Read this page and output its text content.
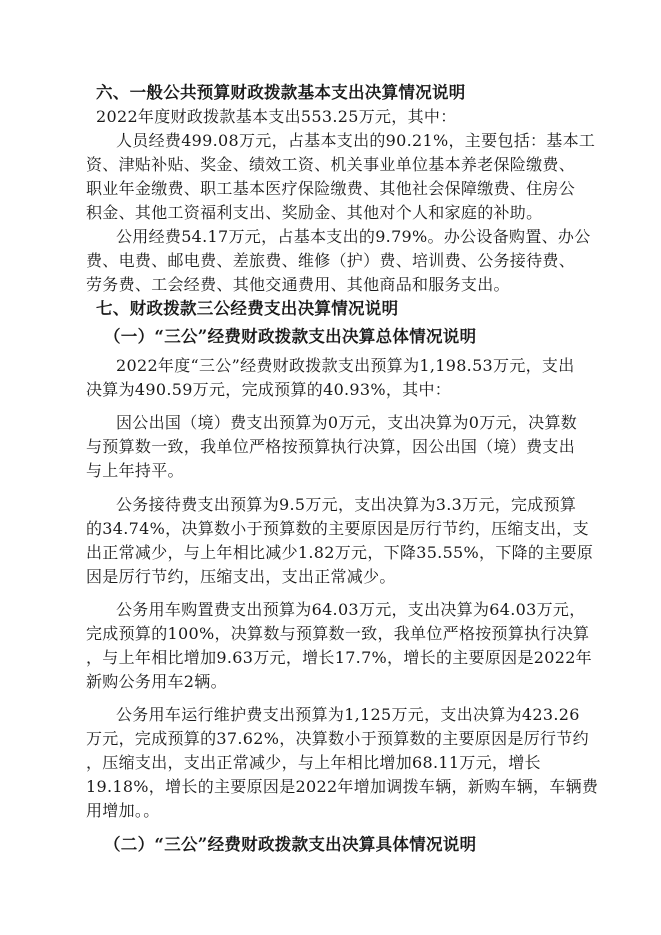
六、一般公共预算财政拨款基本支出决算情况说明
2022年度财政拨款基本支出553.25万元，其中：
人员经费499.08万元，占基本支出的90.21%，主要包括：基本工
资、津贴补贴、奖金、绩效工资、机关事业单位基本养老保险缴费、
职业年金缴费、职工基本医疗保险缴费、其他社会保障缴费、住房公
积金、其他工资福利支出、奖励金、其他对个人和家庭的补助。
公用经费54.17万元，占基本支出的9.79%。办公设备购置、办公
费、电费、邮电费、差旅费、维修（护）费、培训费、公务接待费、
劳务费、工会经费、其他交通费用、其他商品和服务支出。
七、财政拨款三公经费支出决算情况说明
（一）“三公”经费财政拨款支出决算总体情况说明
2022年度“三公”经费财政拨款支出预算为1,198.53万元，支出
决算为490.59万元，完成预算的40.93%，其中：
因公出国（境）费支出预算为0万元，支出决算为0万元，决算数
与预算数一致，我单位严格按预算执行决算，因公出国（境）费支出
与上年持平。
公务接待费支出预算为9.5万元，支出决算为3.3万元，完成预算
的34.74%，决算数小于预算数的主要原因是厉行节约，压缩支出，支
出正常减少，与上年相比减少1.82万元，下降35.55%，下降的主要原
因是厉行节约，压缩支出，支出正常减少。
公务用车购置费支出预算为64.03万元，支出决算为64.03万元，
完成预算的100%，决算数与预算数一致，我单位严格按预算执行决算
，与上年相比增加9.63万元，增长17.7%，增长的主要原因是2022年
新购公务用车2辆。
公务用车运行维护费支出预算为1,125万元，支出决算为423.26
万元，完成预算的37.62%，决算数小于预算数的主要原因是厉行节约
，压缩支出，支出正常减少，与上年相比增加68.11万元，增长
19.18%，增长的主要原因是2022年增加调拨车辆，新购车辆，车辆费
用增加。。
（二）“三公”经费财政拨款支出决算具体情况说明
